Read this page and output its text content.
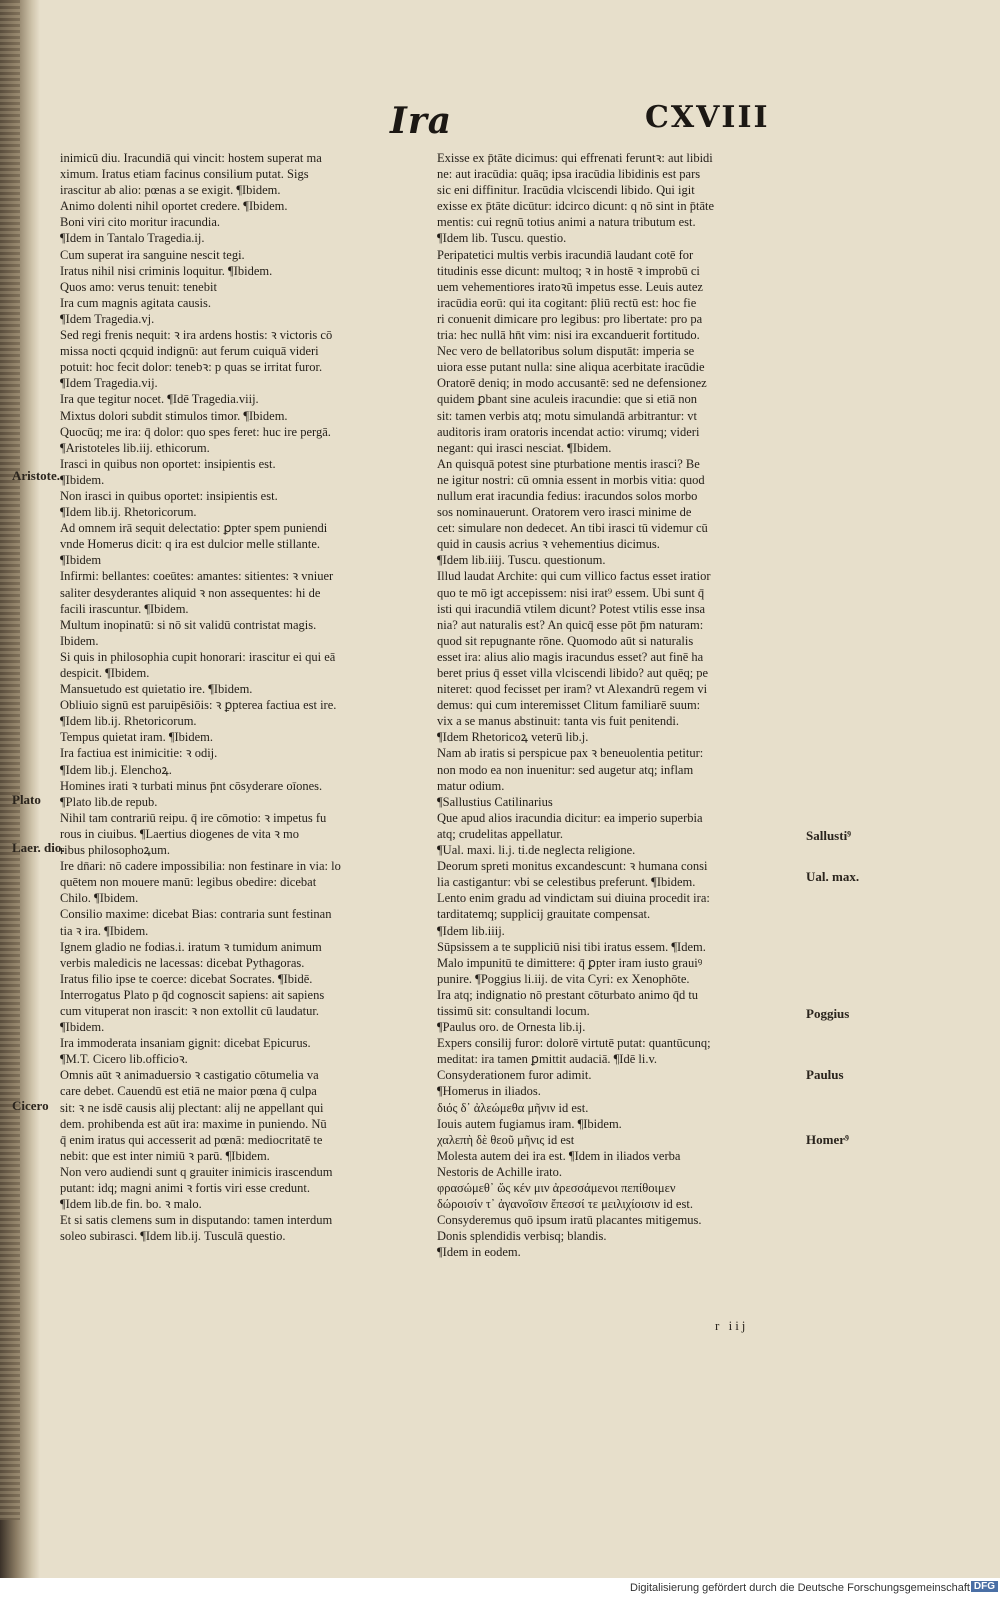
Ira	CXVIII

inimicū diu. Iracundiā qui vincit: hostem superat ma

ximum. Iratus etiam facinus consilium putat. Sigs

irascitur ab alio: pœnas a se exigit. ¶Ibidem.

Animo dolenti nihil oportet credere. ¶Ibidem.

Boni viri cito moritur iracundia.

¶Idem in Tantalo Tragedia.ij.

Cum superat ira sanguine nescit tegi.

Iratus nihil nisi criminis loquitur. ¶Ibidem.

Quos amo: verus tenuit: tenebit

Ira cum magnis agitata causis.

¶Idem Tragedia.vj.

Sed regi frenis nequit: ꝛ ira ardens hostis: ꝛ victoris cō

missa nocti qcquid indignū: aut ferum cuiquā videri

potuit: hoc fecit dolor: tenebꝛ: p quas se irritat furor.

¶Idem Tragedia.vij.

Ira que tegitur nocet. ¶Idē Tragedia.viij.

Mixtus dolori subdit stimulos timor. ¶Ibidem.

Quocūq; me ira: q̄ dolor: quo spes feret: huc ire pergā.

¶Aristoteles lib.iij. ethicorum.

Irasci in quibus non oportet: insipientis est.

¶Ibidem.

Non irasci in quibus oportet: insipientis est.

¶Idem lib.ij. Rhetoricorum.

Ad omnem irā sequit delectatio: ꝑpter spem puniendi

vnde Homerus dicit: q ira est dulcior melle stillante.

¶Ibidem

Infirmi: bellantes: coeūtes: amantes: sitientes: ꝛ vniuer

saliter desyderantes aliquid ꝛ non assequentes: hi de

facili irascuntur. ¶Ibidem.

Multum inopinatū: si nō sit validū contristat magis.

Ibidem.

Si quis in philosophia cupit honorari: irascitur ei qui eā

despicit. ¶Ibidem.

Mansuetudo est quietatio ire. ¶Ibidem.

Obliuio signū est paruipēsiōis: ꝛ ꝑpterea factiua est ire.

¶Idem lib.ij. Rhetoricorum.

Tempus quietat iram. ¶Ibidem.

Ira factiua est inimicitie: ꝛ odij.

¶Idem lib.j. Elenchoꝝ.

Homines irati ꝛ turbati minus p̄nt cōsyderare oīones.

¶Plato lib.de repub.

Nihil tam contrariū reipu. q̄ ire cōmotio: ꝛ impetus fu

rous in ciuibus. ¶Laertius diogenes de vita ꝛ mo

ribus philosophoꝝum.

Ire dn̄ari: nō cadere impossibilia: non festinare in via: lo

quētem non mouere manū: legibus obedire: dicebat

Chilo. ¶Ibidem.

Consilio maxime: dicebat Bias: contraria sunt festinan

tia ꝛ ira. ¶Ibidem.

Ignem gladio ne fodias.i. iratum ꝛ tumidum animum

verbis maledicis ne lacessas: dicebat Pythagoras.

Iratus filio ipse te coerce: dicebat Socrates. ¶Ibidē.

Interrogatus Plato p q̄d cognoscit sapiens: ait sapiens

cum vituperat non irascit: ꝛ non extollit cū laudatur.

¶Ibidem.

Ira immoderata insaniam gignit: dicebat Epicurus.

¶M.T. Cicero lib.officioꝛ.

Omnis aūt ꝛ animaduersio ꝛ castigatio cōtumelia va

care debet. Cauendū est etiā ne maior pœna q̄ culpa

sit: ꝛ ne isdē causis alij plectant: alij ne appellant qui

dem. prohibenda est aūt ira: maxime in puniendo. Nū

q̄ enim iratus qui accesserit ad pœnā: mediocritatē te

nebit: que est inter nimiū ꝛ parū. ¶Ibidem.

Non vero audiendi sunt q grauiter inimicis irascendum

putant: idq; magni animi ꝛ fortis viri esse credunt.

¶Idem lib.de fin. bo. ꝛ malo.

Et si satis clemens sum in disputando: tamen interdum

soleo subirasci. ¶Idem lib.ij. Tusculā questio.

Exisse ex p̄tāte dicimus: qui effrenati feruntꝛ: aut libidi

ne: aut iracūdia: quāq; ipsa iracūdia libidinis est pars

sic eni diffinitur. Iracūdia vlciscendi libido. Qui igit

exisse ex p̄tāte dicūtur: idcirco dicunt: q nō sint in p̄tāte

mentis: cui regnū totius animi a natura tributum est.

¶Idem lib. Tuscu. questio.

Peripatetici multis verbis iracundiā laudant cotē for

titudinis esse dicunt: multoq; ꝛ in hostē ꝛ improbū ci

uem vehementiores iratoꝛū impetus esse. Leuis autez

iracūdia eorū: qui ita cogitant: p̄liū rectū est: hoc fie

ri conuenit dimicare pro legibus: pro libertate: pro pa

tria: hec nullā hn̄t vim: nisi ira excanduerit fortitudo.

Nec vero de bellatoribus solum disputāt: imperia se

uiora esse putant nulla: sine aliqua acerbitate iracūdie

Oratorē deniq; in modo accusantē: sed ne defensionez

quidem ꝑbant sine aculeis iracundie: que si etiā non

sit: tamen verbis atq; motu simulandā arbitrantur: vt

auditoris iram oratoris incendat actio: virumq; videri

negant: qui irasci nesciat. ¶Ibidem.

An quisquā potest sine pturbatione mentis irasci? Be

ne igitur nostri: cū omnia essent in morbis vitia: quod

nullum erat iracundia fedius: iracundos solos morbo

sos nominauerunt. Oratorem vero irasci minime de

cet: simulare non dedecet. An tibi irasci tū videmur cū

quid in causis acrius ꝛ vehementius dicimus.

¶Idem lib.iiij. Tuscu. questionum.

Illud laudat Archite: qui cum villico factus esset iratior

quo te mō igt accepissem: nisi irat⁹ essem. Ubi sunt q̄

isti qui iracundiā vtilem dicunt? Potest vtilis esse insa

nia? aut naturalis est? An quicq̄ esse pōt p̄m naturam:

quod sit repugnante rōne. Quomodo aūt si naturalis

esset ira: alius alio magis iracundus esset? aut finē ha

beret prius q̄ esset villa vlciscendi libido? aut quēq; pe

niteret: quod fecisset per iram? vt Alexandrū regem vi

demus: qui cum interemisset Clitum familiarē suum:

vix a se manus abstinuit: tanta vis fuit penitendi.

¶Idem Rhetoricoꝝ veterū lib.j.

Nam ab iratis si perspicue pax ꝛ beneuolentia petitur:

non modo ea non inuenitur: sed augetur atq; inflam

matur odium.

¶Sallustius Catilinarius

Que apud alios iracundia dicitur: ea imperio superbia

atq; crudelitas appellatur.

¶Ual. maxi. li.j. ti.de neglecta religione.

Deorum spreti monitus excandescunt: ꝛ humana consi

lia castigantur: vbi se celestibus preferunt. ¶Ibidem.

Lento enim gradu ad vindictam sui diuina procedit ira:

tarditatemq; supplicij grauitate compensat.

¶Idem lib.iiij.

Sūpsissem a te suppliciū nisi tibi iratus essem. ¶Idem.

Malo impunitū te dimittere: q̄ ꝑpter iram iusto grauiꝰ

punire. ¶Poggius li.iij. de vita Cyri: ex Xenophōte.

Ira atq; indignatio nō prestant cōturbato animo q̄d tu

tissimū sit: consultandi locum.

¶Paulus oro. de Ornesta lib.ij.

Expers consilij furor: dolorē virtutē putat: quantūcunq;

meditat: ira tamen ꝑmittit audaciā. ¶Idē li.v.

Consyderationem furor adimit.

¶Homerus in iliados.

διός δ᾽ ἀλεώμεθα μῆνιν id est.

Iouis autem fugiamus iram. ¶Ibidem.

χαλεπὴ δὲ θεοῦ μῆνις id est

Molesta autem dei ira est. ¶Idem in iliados verba

Nestoris de Achille irato.

φρασώμεθ᾽ ὥς κέν μιν ἀρεσσάμενοι πεπίθοιμεν

δώροισίν τ᾽ ἀγανοῖσιν ἔπεσσί τε μειλιχίοισιν id est.

Consyderemus quō ipsum iratū placantes mitigemus.

Donis splendidis verbisq; blandis.

¶Idem in eodem.

Aristote.
Plato
Laer. dio.
Cicero
Sallusti⁹
Ual. max.
Poggius
Paulus
Homer⁹
r iij
Digitalisierung gefördert durch die Deutsche Forschungsgemeinschaft DFG
